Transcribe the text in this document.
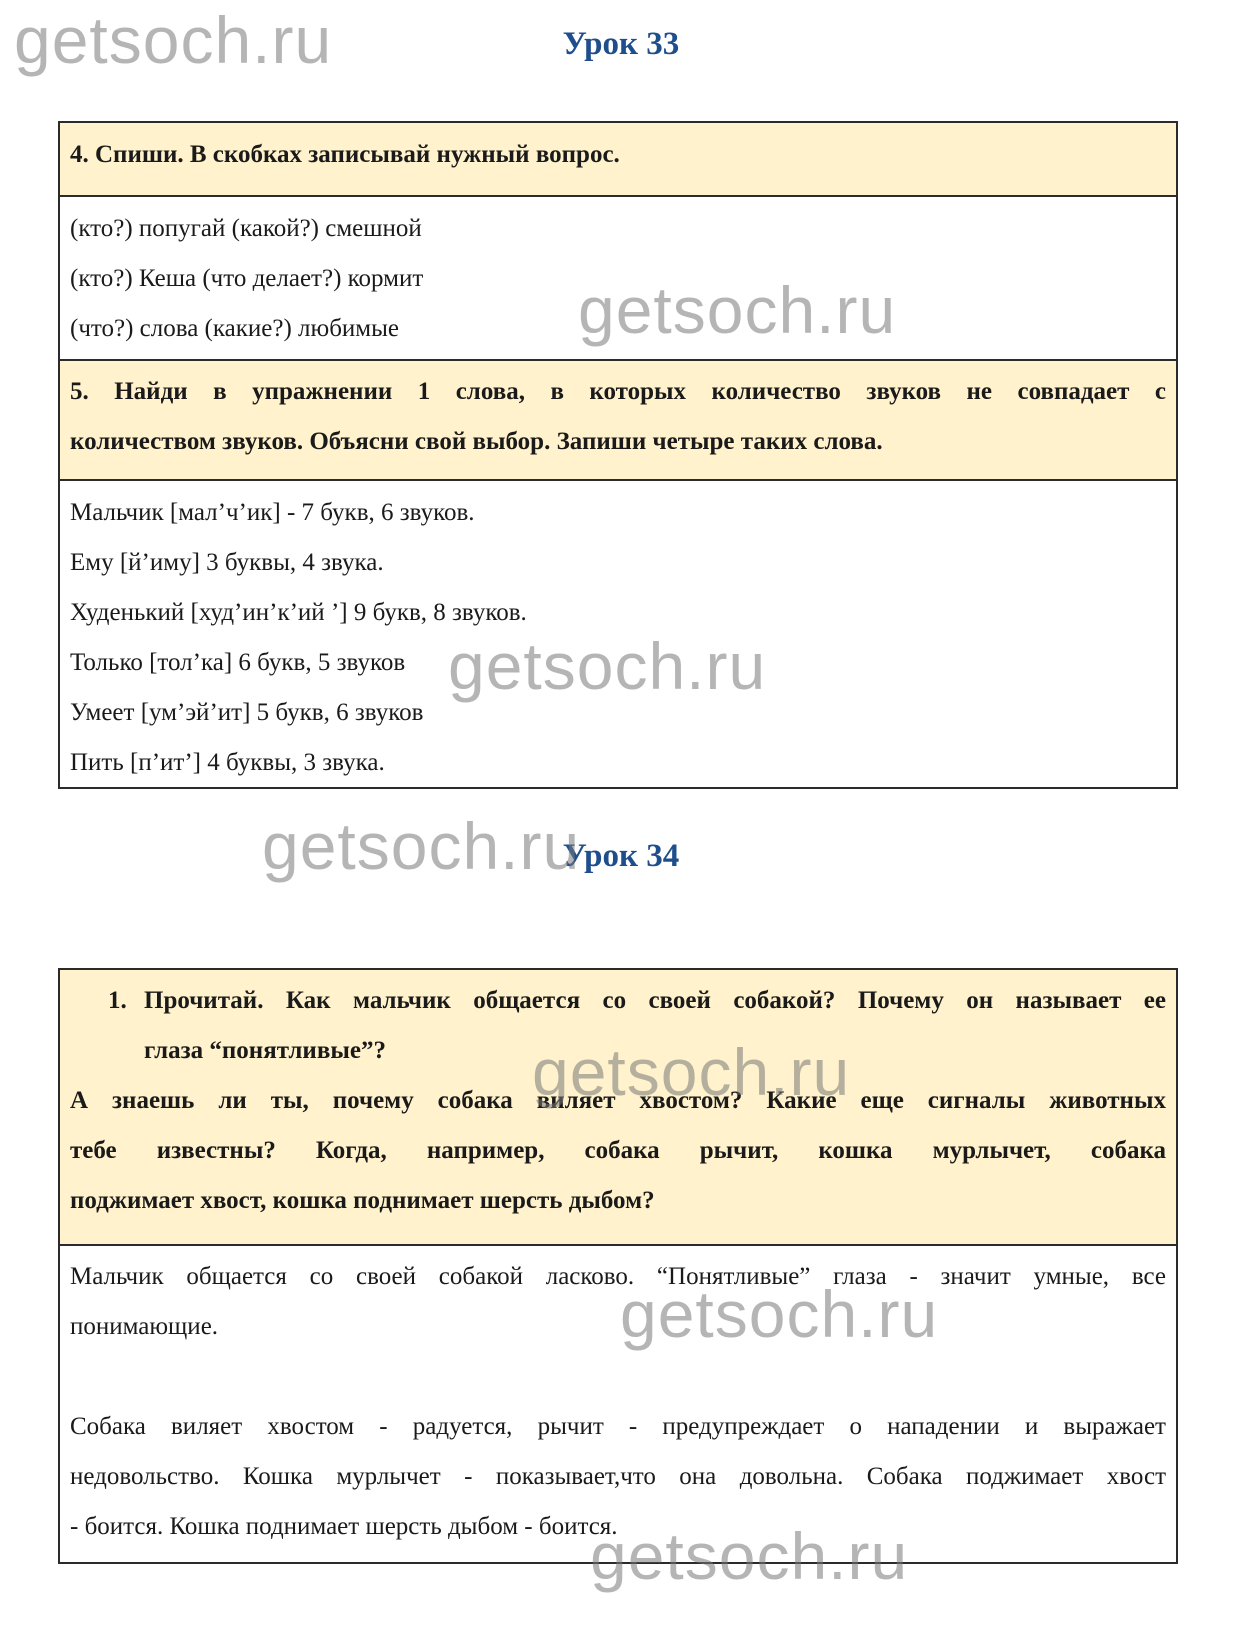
Урок 33

4. Спиши. В скобках записывай нужный вопрос.

(кто?) попугай (какой?) смешной

(кто?) Кеша (что делает?) кормит

(что?) слова (какие?) любимые

5. Найди в упражнении 1 слова, в которых количество звуков не совпадает с

количеством звуков. Объясни свой выбор. Запиши четыре таких слова.

Мальчик [мал’ч’ик] - 7 букв, 6 звуков.

Ему [й’иму] 3 буквы, 4 звука.

Худенький [худ’ин’к’ий ’] 9 букв, 8 звуков.

Только [тол’ка] 6 букв, 5 звуков

Умеет [ум’эй’ит] 5 букв, 6 звуков

Пить [п’ит’] 4 буквы, 3 звука.

Урок 34
1. Прочитай. Как мальчик общается со своей собакой? Почему он называет ее

глаза “понятливые”?

А знаешь ли ты, почему собака виляет хвостом? Какие еще сигналы животных

тебе известны? Когда, например, собака рычит, кошка мурлычет, собака

поджимает хвост, кошка поднимает шерсть дыбом?

Мальчик общается со своей собакой ласково. “Понятливые” глаза - значит умные, все

понимающие.

Собака виляет хвостом - радуется, рычит - предупреждает о нападении и выражает

недовольство. Кошка мурлычет - показывает,что она довольна. Собака поджимает хвост

- боится. Кошка поднимает шерсть дыбом - боится.

getsoch.ru
getsoch.ru
getsoch.ru
getsoch.ru
getsoch.ru
getsoch.ru
getsoch.ru
